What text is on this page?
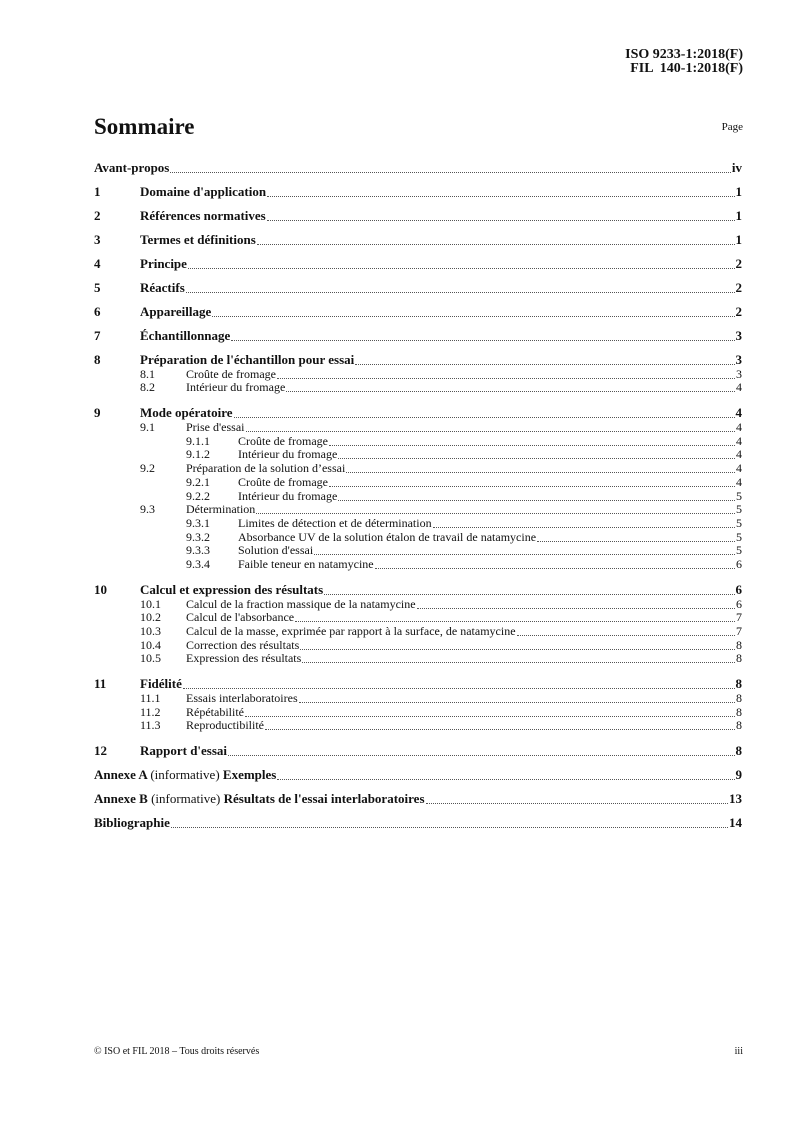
ISO 9233-1:2018(F)
FIL  140-1:2018(F)
Sommaire	Page
Avant-propos	iv
1	Domaine d'application	1
2	Références normatives	1
3	Termes et définitions	1
4	Principe	2
5	Réactifs	2
6	Appareillage	2
7	Échantillonnage	3
8	Préparation de l'échantillon pour essai	3
8.1	Croûte de fromage	3
8.2	Intérieur du fromage	4
9	Mode opératoire	4
9.1	Prise d'essai	4
9.1.1	Croûte de fromage	4
9.1.2	Intérieur du fromage	4
9.2	Préparation de la solution d’essai	4
9.2.1	Croûte de fromage	4
9.2.2	Intérieur du fromage	5
9.3	Détermination	5
9.3.1	Limites de détection et de détermination	5
9.3.2	Absorbance UV de la solution étalon de travail de natamycine	5
9.3.3	Solution d'essai	5
9.3.4	Faible teneur en natamycine	6
10	Calcul et expression des résultats	6
10.1	Calcul de la fraction massique de la natamycine	6
10.2	Calcul de l'absorbance	7
10.3	Calcul de la masse, exprimée par rapport à la surface, de natamycine	7
10.4	Correction des résultats	8
10.5	Expression des résultats	8
11	Fidélité	8
11.1	Essais interlaboratoires	8
11.2	Répétabilité	8
11.3	Reproductibilité	8
12	Rapport d'essai	8
Annexe A (informative) Exemples	9
Annexe B (informative) Résultats de l'essai interlaboratoires	13
Bibliographie	14
© ISO et FIL 2018 – Tous droits réservés	iii
